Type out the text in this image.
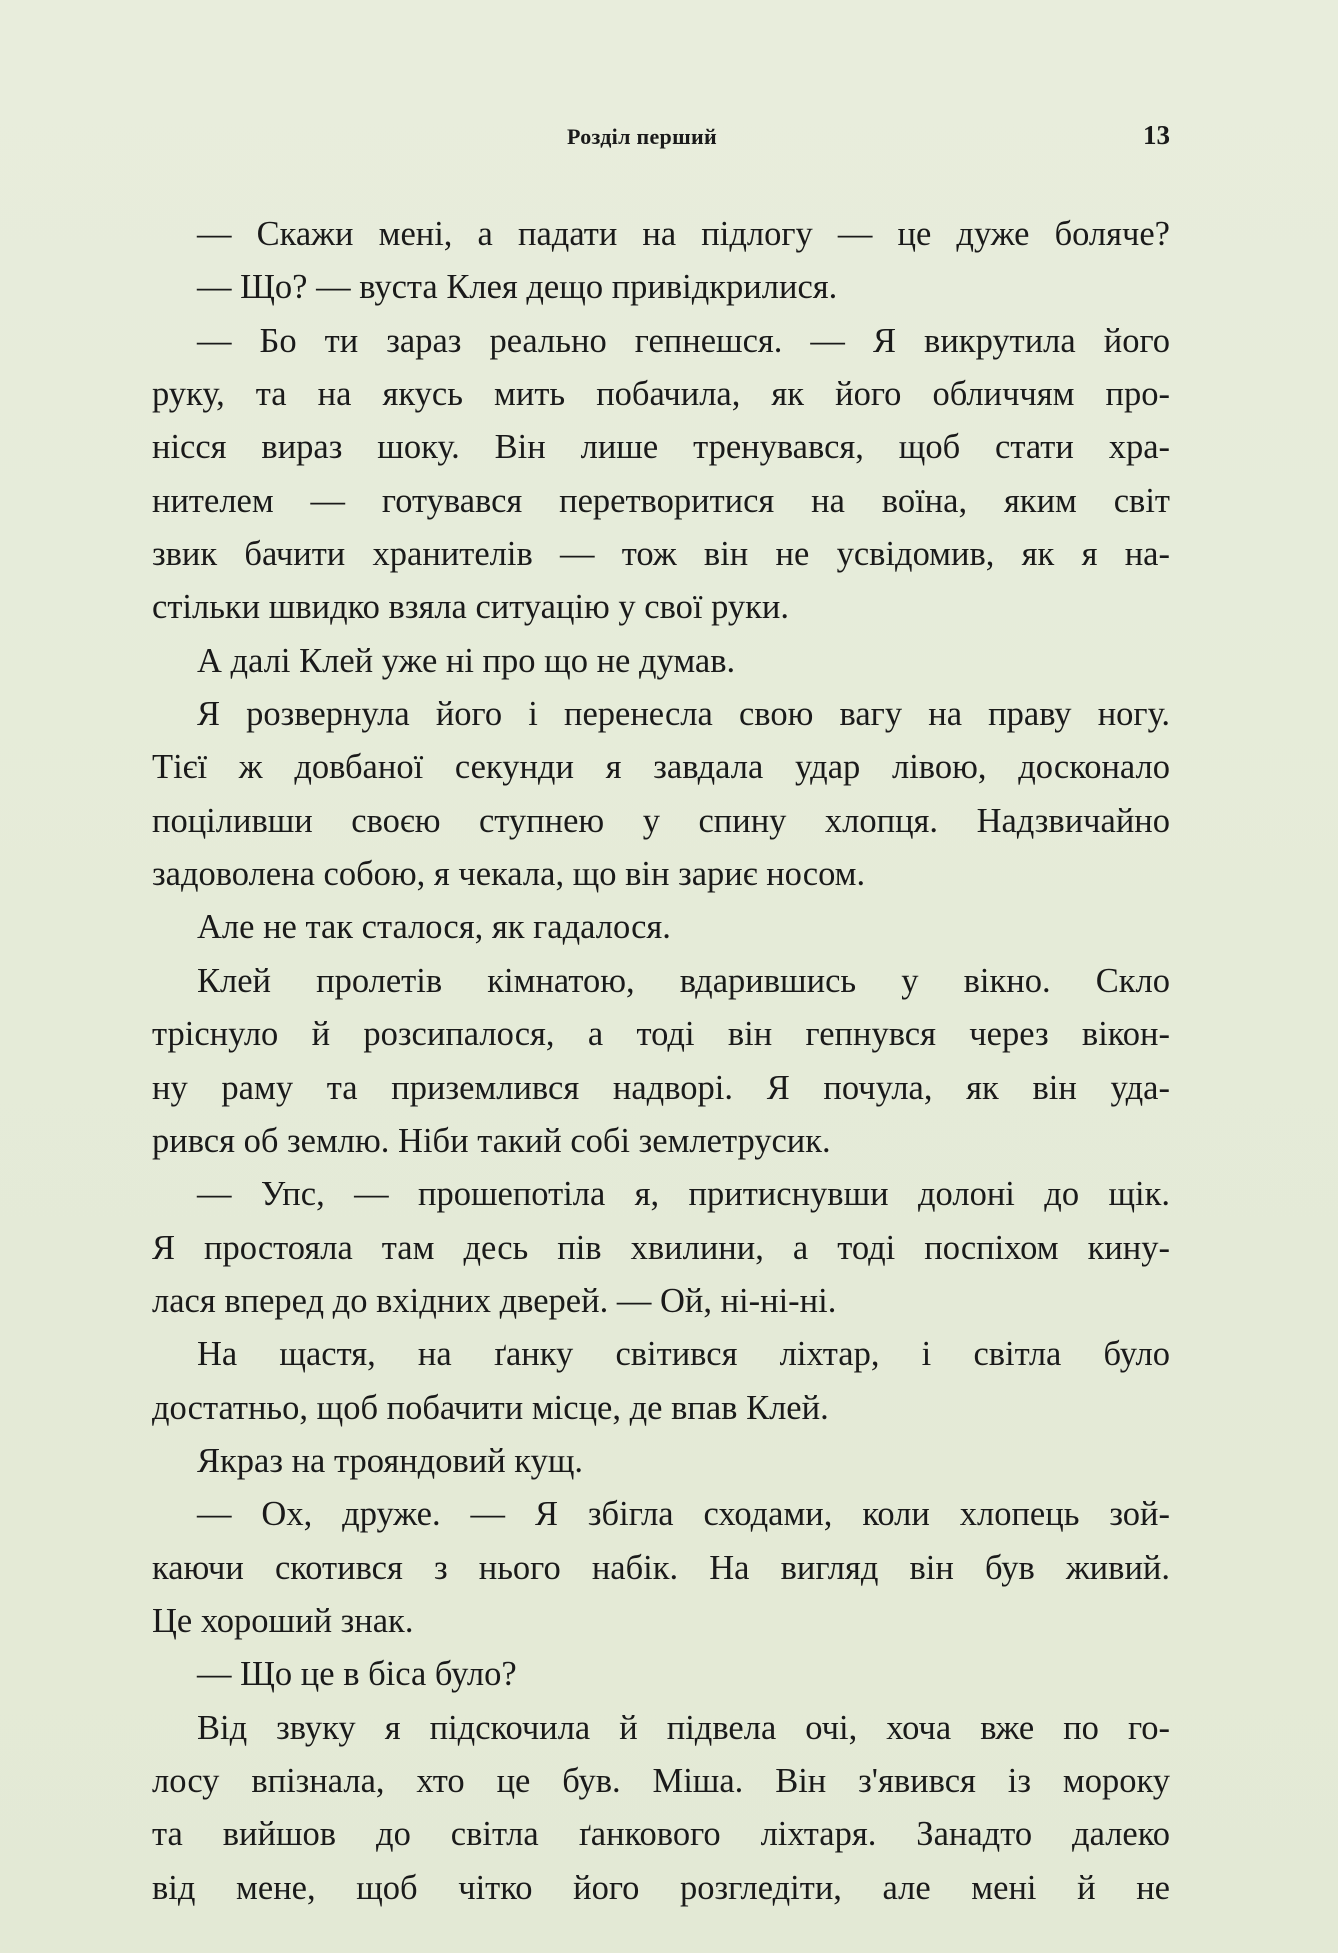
Розділ перший	13
— Скажи мені, а падати на підлогу — це дуже боляче?
— Що? — вуста Клея дещо привідкрилися.
— Бо ти зараз реально гепнешся. — Я викрутила його
руку, та на якусь мить побачила, як його обличчям про-
нісся вираз шоку. Він лише тренувався, щоб стати хра-
нителем — готувався перетворитися на воїна, яким світ
звик бачити хранителів — тож він не усвідомив, як я на-
стільки швидко взяла ситуацію у свої руки.
А далі Клей уже ні про що не думав.
Я розвернула його і перенесла свою вагу на праву ногу.
Тієї ж довбаної секунди я завдала удар лівою, досконало
поціливши своєю ступнею у спину хлопця. Надзвичайно
задоволена собою, я чекала, що він зариє носом.
Але не так сталося, як гадалося.
Клей пролетів кімнатою, вдарившись у вікно. Скло
тріснуло й розсипалося, а тоді він гепнувся через вікон-
ну раму та приземлився надворі. Я почула, як він уда-
рився об землю. Ніби такий собі землетрусик.
— Упс, — прошепотіла я, притиснувши долоні до щік.
Я простояла там десь пів хвилини, а тоді поспіхом кину-
лася вперед до вхідних дверей. — Ой, ні-ні-ні.
На щастя, на ґанку світився ліхтар, і світла було
достатньо, щоб побачити місце, де впав Клей.
Якраз на трояндовий кущ.
— Ох, друже. — Я збігла сходами, коли хлопець зой-
каючи скотився з нього набік. На вигляд він був живий.
Це хороший знак.
— Що це в біса було?
Від звуку я підскочила й підвела очі, хоча вже по го-
лосу впізнала, хто це був. Міша. Він з'явився із мороку
та вийшов до світла ґанкового ліхтаря. Занадто далеко
від мене, щоб чітко його розгледіти, але мені й не
